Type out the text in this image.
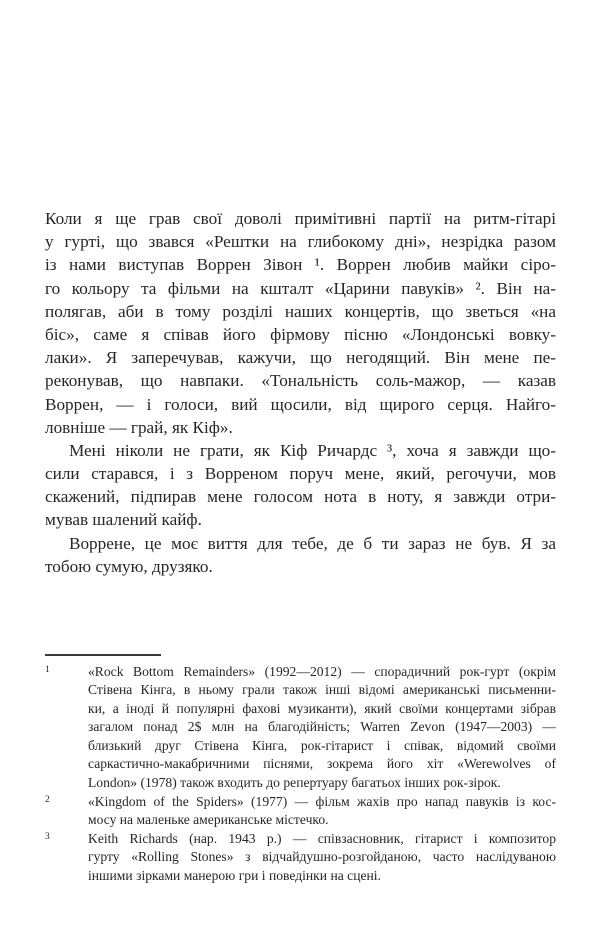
Коли я ще грав свої доволі примітивні партії на ритм-гітарі
у гурті, що звався «Рештки на глибокому дні», незрідка разом
із нами виступав Воррен Зівон ¹. Воррен любив майки сіро-
го кольору та фільми на кшталт «Царини павуків» ². Він на-
полягав, аби в тому розділі наших концертів, що зветься «на
біс», саме я співав його фірмову пісню «Лондонські вовку-
лаки». Я заперечував, кажучи, що негодящий. Він мене пе-
реконував, що навпаки. «Тональність соль-мажор, — казав
Воррен, — і голоси, вий щосили, від щирого серця. Найго-
ловніше — грай, як Кіф».
Мені ніколи не грати, як Кіф Ричардс ³, хоча я завжди що-
сили старався, і з Ворреном поруч мене, який, регочучи, мов
скажений, підпирав мене голосом нота в ноту, я завжди отри-
мував шалений кайф.
Воррене, це моє виття для тебе, де б ти зараз не був. Я за
тобою сумую, друзяко.
1	«Rock Bottom Remainders» (1992—2012) — спорадичний рок-гурт (окрім
Стівена Кінга, в ньому грали також інші відомі американські письменни-
ки, а іноді й популярні фахові музиканти), який своїми концертами зібрав
загалом понад 2$ млн на благодійність; Warren Zevon (1947—2003) —
близький друг Стівена Кінга, рок-гітарист і співак, відомий своїми
саркастично-макабричними піснями, зокрема його хіт «Werewolves of
London» (1978) також входить до репертуару багатьох інших рок-зірок.
2	«Kingdom of the Spiders» (1977) — фільм жахів про напад павуків із кос-
мосу на маленьке американське містечко.
3	Keith Richards (нар. 1943 р.) — співзасновник, гітарист і композитор
гурту «Rolling Stones» з відчайдушно-розгойданою, часто наслідуваною
іншими зірками манерою гри і поведінки на сцені.
